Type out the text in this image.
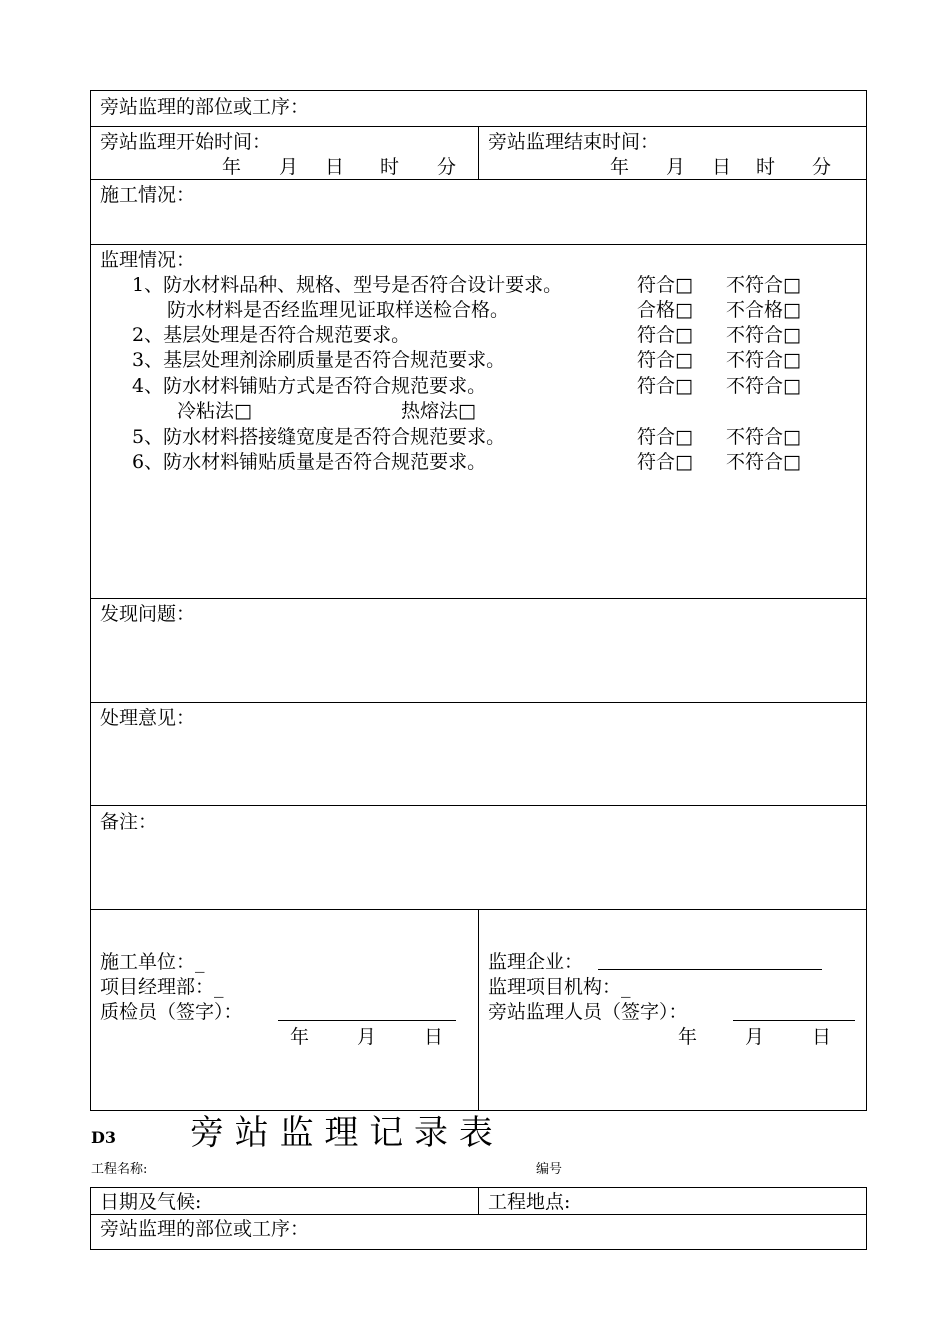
旁站监理的部位或工序：
旁站监理开始时间：
年 月 日 时 分
旁站监理结束时间：
年 月 日 时 分
施工情况：
监理情况：
1、防水材料品种、规格、型号是否符合设计要求。	符合□ 不符合□
防水材料是否经监理见证取样送检合格。	合格□ 不合格□
2、基层处理是否符合规范要求。	符合□ 不符合□
3、基层处理剂涂刷质量是否符合规范要求。	符合□ 不符合□
4、防水材料铺贴方式是否符合规范要求。	符合□ 不符合□
冷粘法□	热熔法□
5、防水材料搭接缝宽度是否符合规范要求。	符合□ 不符合□
6、防水材料铺贴质量是否符合规范要求。	符合□ 不符合□
发现问题：
处理意见：
备注：
施工单位：_
项目经理部：_
质检员（签字）：
年	月	日
监理企业：
监理项目机构：_
旁站监理人员（签字）：
年	月	日
D3 旁 站 监 理 记 录 表
工程名称:	编号
日期及气候:	工程地点:
旁站监理的部位或工序：
